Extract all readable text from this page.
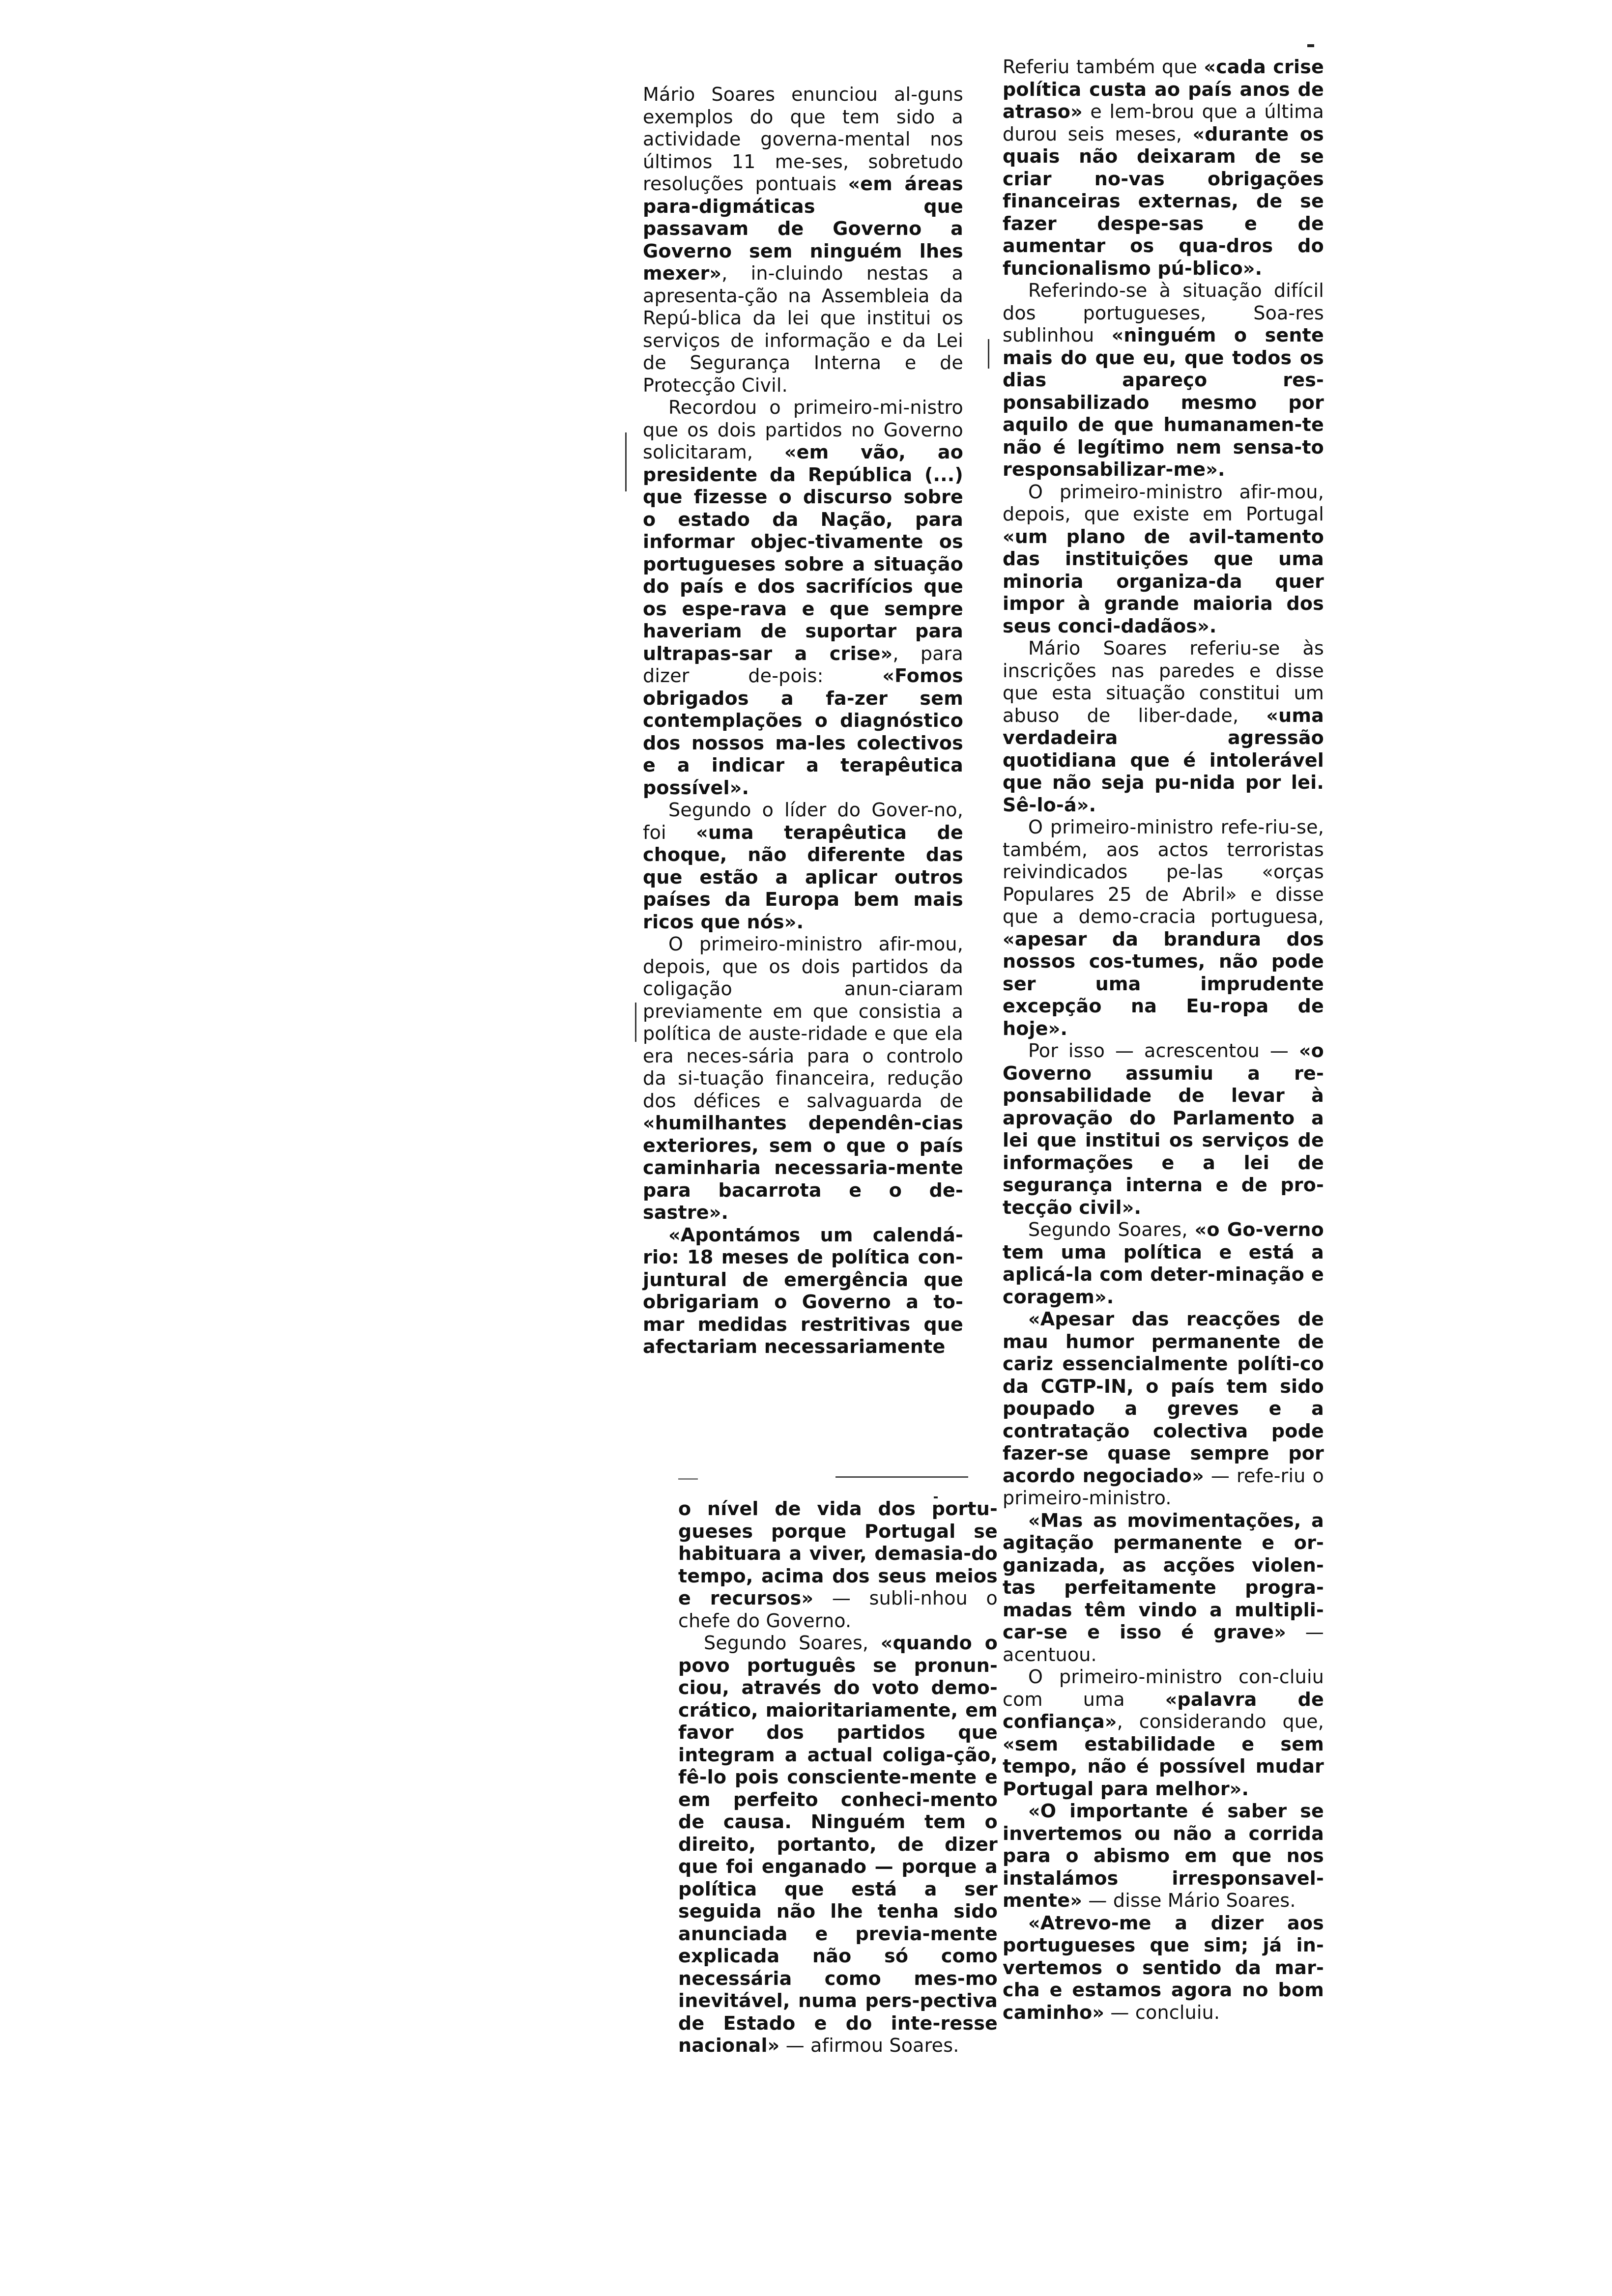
Mário Soares enunciou al-guns exemplos do que tem sido a actividade governa-mental nos últimos 11 me-ses, sobretudo resoluções pontuais «em áreas para-digmáticas que passavam de Governo a Governo sem ninguém lhes mexer», in-cluindo nestas a apresenta-ção na Assembleia da Repú-blica da lei que institui os serviços de informação e da Lei de Segurança Interna e de Protecção Civil.

Recordou o primeiro-mi-nistro que os dois partidos no Governo solicitaram, «em vão, ao presidente da República (...) que fizesse o discurso sobre o estado da Nação, para informar objec-tivamente os portugueses sobre a situação do país e dos sacrifícios que os espe-rava e que sempre haveriam de suportar para ultrapas-sar a crise», para dizer de-pois: «Fomos obrigados a fa-zer sem contemplações o diagnóstico dos nossos ma-les colectivos e a indicar a terapêutica possível».

Segundo o líder do Gover-no, foi «uma terapêutica de choque, não diferente das que estão a aplicar outros países da Europa bem mais ricos que nós».

O primeiro-ministro afir-mou, depois, que os dois partidos da coligação anun-ciaram previamente em que consistia a política de auste-ridade e que ela era neces-sária para o controlo da si-tuação financeira, redução dos défices e salvaguarda de «humilhantes dependên-cias exteriores, sem o que o país caminharia necessaria-mente para bacarrota e o de-sastre».

«Apontámos um calendá-rio: 18 meses de política con-juntural de emergência que obrigariam o Governo a to-mar medidas restritivas que afectariam necessariamente

o nível de vida dos portu-gueses porque Portugal se habituara a viver, demasia-do tempo, acima dos seus meios e recursos» — subli-nhou o chefe do Governo.

Segundo Soares, «quando o povo português se pronun-ciou, através do voto demo-crático, maioritariamente, em favor dos partidos que integram a actual coliga-ção, fê-lo pois consciente-mente e em perfeito conheci-mento de causa. Ninguém tem o direito, portanto, de dizer que foi enganado — porque a política que está a ser seguida não lhe tenha sido anunciada e previa-mente explicada não só como necessária como mes-mo inevitável, numa pers-pectiva de Estado e do inte-resse nacional» — afirmou Soares.

Referiu também que «cada crise política custa ao país anos de atraso» e lem-brou que a última durou seis meses, «durante os quais não deixaram de se criar no-vas obrigações financeiras externas, de se fazer despe-sas e de aumentar os qua-dros do funcionalismo pú-blico».

Referindo-se à situação difícil dos portugueses, Soa-res sublinhou «ninguém o sente mais do que eu, que todos os dias apareço res-ponsabilizado mesmo por aquilo de que humanamen-te não é legítimo nem sensa-to responsabilizar-me».

O primeiro-ministro afir-mou, depois, que existe em Portugal «um plano de avil-tamento das instituições que uma minoria organiza-da quer impor à grande maioria dos seus conci-dadãos».

Mário Soares referiu-se às inscrições nas paredes e disse que esta situação constitui um abuso de liber-dade, «uma verdadeira agressão quotidiana que é intolerável que não seja pu-nida por lei. Sê-lo-á».

O primeiro-ministro refe-riu-se, também, aos actos terroristas reivindicados pe-las «orças Populares 25 de Abril» e disse que a demo-cracia portuguesa, «apesar da brandura dos nossos cos-tumes, não pode ser uma imprudente excepção na Eu-ropa de hoje».

Por isso — acrescentou — «o Governo assumiu a re-ponsabilidade de levar à aprovação do Parlamento a lei que institui os serviços de informações e a lei de segurança interna e de pro-tecção civil».

Segundo Soares, «o Go-verno tem uma política e está a aplicá-la com deter-minação e coragem».

«Apesar das reacções de mau humor permanente de cariz essencialmente políti-co da CGTP-IN, o país tem sido poupado a greves e a contratação colectiva pode fazer-se quase sempre por acordo negociado» — refe-riu o primeiro-ministro.

«Mas as movimentações, a agitação permanente e or-ganizada, as acções violen-tas perfeitamente progra-madas têm vindo a multipli-car-se e isso é grave» — acentuou.

O primeiro-ministro con-cluiu com uma «palavra de confiança», considerando que, «sem estabilidade e sem tempo, não é possível mudar Portugal para melhor».

«O importante é saber se invertemos ou não a corrida para o abismo em que nos instalámos irresponsavel-mente» — disse Mário Soares.

«Atrevo-me a dizer aos portugueses que sim; já in-vertemos o sentido da mar-cha e estamos agora no bom caminho» — concluiu.
